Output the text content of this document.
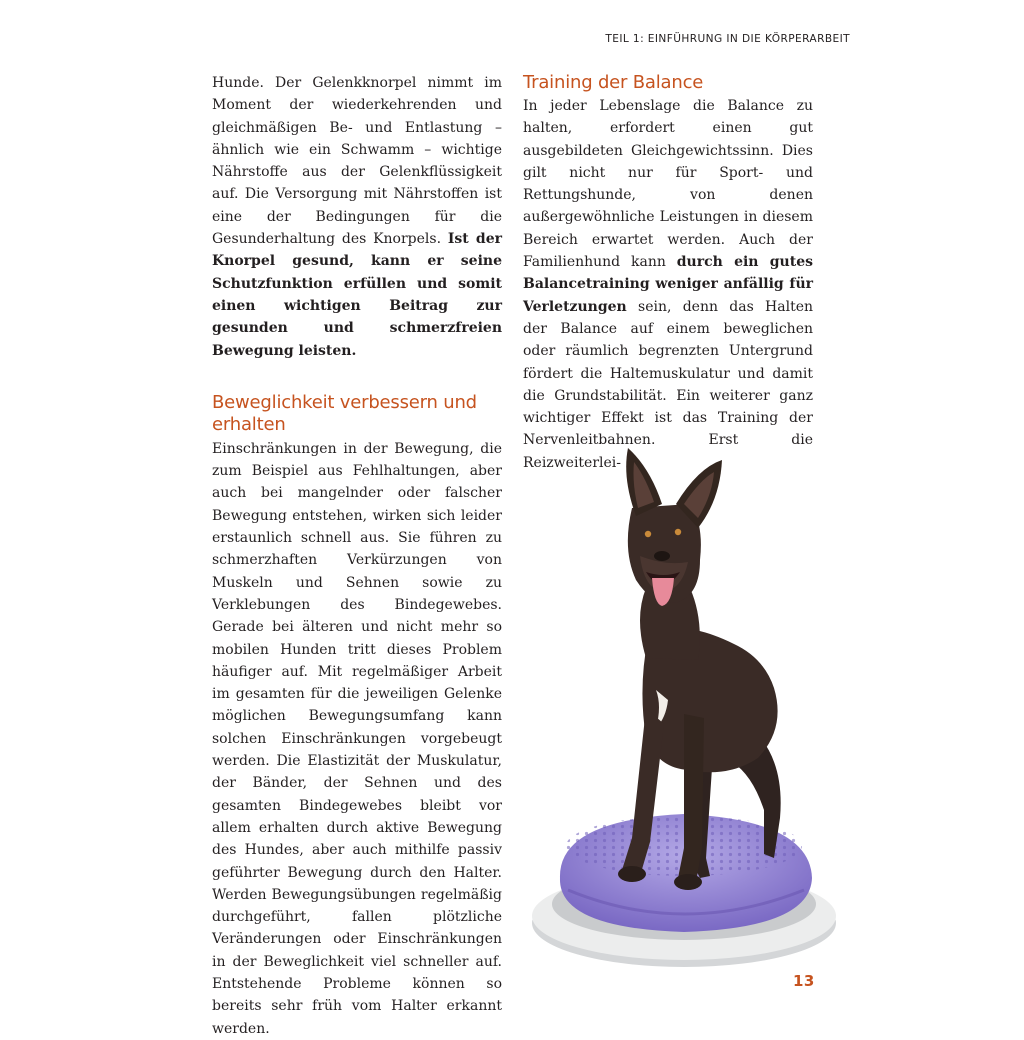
TEIL 1: EINFÜHRUNG IN DIE KÖRPERARBEIT

Hunde. Der Gelenkknorpel nimmt im Moment der wiederkehrenden und gleichmäßigen Be- und Entlastung – ähnlich wie ein Schwamm – wichtige Nährstoffe aus der Gelenkflüssigkeit auf. Die Versorgung mit Nährstoffen ist eine der Bedingungen für die Gesunderhaltung des Knorpels. Ist der Knorpel gesund, kann er seine Schutzfunktion erfüllen und somit einen wichtigen Beitrag zur gesunden und schmerzfreien Bewegung leisten.

Beweglichkeit verbessern und erhalten

Einschränkungen in der Bewegung, die zum Beispiel aus Fehlhaltungen, aber auch bei mangelnder oder falscher Bewegung entstehen, wirken sich leider erstaunlich schnell aus. Sie führen zu schmerzhaften Verkürzungen von Muskeln und Sehnen sowie zu Verklebungen des Bindegewebes. Gerade bei älteren und nicht mehr so mobilen Hunden tritt dieses Problem häufiger auf. Mit regelmäßiger Arbeit im gesamten für die jeweiligen Gelenke möglichen Bewegungsumfang kann solchen Einschränkungen vorgebeugt werden. Die Elastizität der Muskulatur, der Bänder, der Sehnen und des gesamten Bindegewebes bleibt vor allem erhalten durch aktive Bewegung des Hundes, aber auch mithilfe passiv geführter Bewegung durch den Halter. Werden Bewegungsübungen regelmäßig durchgeführt, fallen plötzliche Veränderungen oder Einschränkungen in der Beweglichkeit viel schneller auf. Entstehende Probleme können so bereits sehr früh vom Halter erkannt werden.

Training der Balance

In jeder Lebenslage die Balance zu halten, erfordert einen gut ausgebildeten Gleichgewichtssinn. Dies gilt nicht nur für Sport- und Rettungshunde, von denen außergewöhnliche Leistungen in diesem Bereich erwartet werden. Auch der Familienhund kann durch ein gutes Balancetraining weniger anfällig für Verletzungen sein, denn das Halten der Balance auf einem beweglichen oder räumlich begrenzten Untergrund fördert die Haltemuskulatur und damit die Grundstabilität. Ein weiterer ganz wichtiger Effekt ist das Training der Nervenleitbahnen. Erst die Reizweiterlei-

13
